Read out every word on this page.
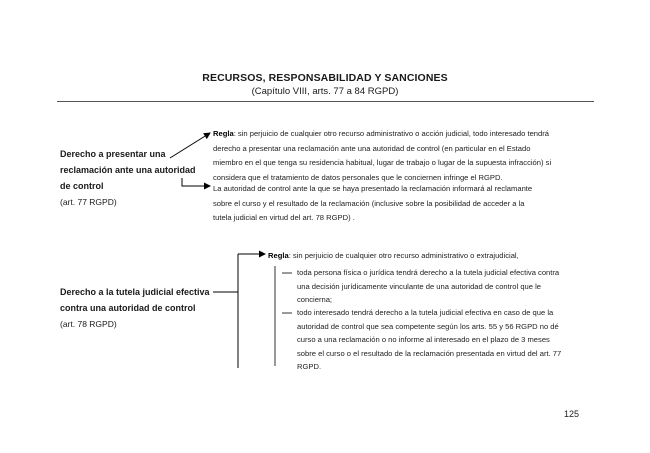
RECURSOS, RESPONSABILIDAD Y SANCIONES
(Capítulo VIII, arts. 77 a 84 RGPD)
Derecho a presentar una
reclamación ante una autoridad
de control
(art. 77 RGPD)
Regla: sin perjuicio de cualquier otro recurso administrativo o acción judicial, todo interesado tendrá
derecho a presentar una reclamación ante una autoridad de control (en particular en el Estado
miembro en el que tenga su residencia habitual, lugar de trabajo o lugar de la supuesta infracción) si
considera que el tratamiento de datos personales que le conciernen infringe el RGPD.
La autoridad de control ante la que se haya presentado la reclamación informará al reclamante
sobre el curso y el resultado de la reclamación (inclusive sobre la posibilidad de acceder a la
tutela judicial en virtud del art. 78 RGPD) .
Derecho a la tutela judicial efectiva
contra una autoridad de control
(art. 78 RGPD)
Regla: sin perjuicio de cualquier otro recurso administrativo o extrajudicial,
toda persona física o jurídica tendrá derecho a la tutela judicial efectiva contra
una decisión jurídicamente vinculante de una autoridad de control que le
concierna;
todo interesado tendrá derecho a la tutela judicial efectiva en caso de que la
autoridad de control que sea competente según los arts. 55 y 56 RGPD no dé
curso a una reclamación o no informe al interesado en el plazo de 3 meses
sobre el curso o el resultado de la reclamación presentada en virtud del art. 77
RGPD.
125
